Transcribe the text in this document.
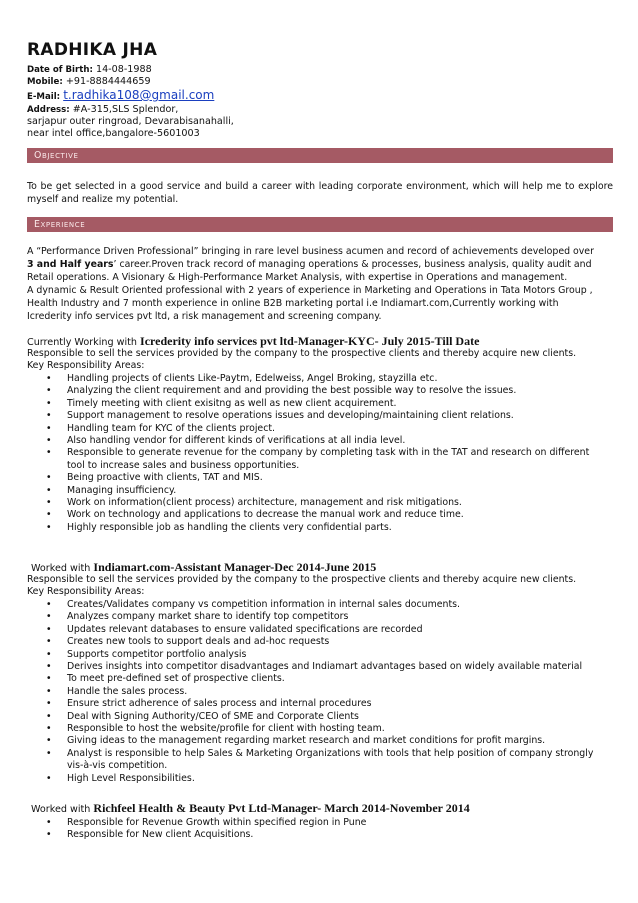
RADHIKA JHA
Date of Birth: 14-08-1988
Mobile: +91-8884444659
E-Mail: t.radhika108@gmail.com
Address: #A-315,SLS Splendor,
sarjapur outer ringroad, Devarabisanahalli,
near intel office,bangalore-5601003
Objective
To be get selected in a good service and build a career with leading corporate environment, which will help me to explore myself and realize my potential.
Experience
A “Performance Driven Professional” bringing in rare level business acumen and record of achievements developed over
3 and Half years’ career.Proven track record of managing operations & processes, business analysis, quality audit and
Retail operations. A Visionary & High-Performance Market Analysis, with expertise in Operations and management.
A dynamic & Result Oriented professional with 2 years of experience in Marketing and Operations in Tata Motors Group ,
Health Industry and 7 month experience in online B2B marketing portal i.e Indiamart.com,Currently working with
Icrederity info services pvt ltd, a risk management and screening company.
Currently Working with Icrederity info services pvt ltd-Manager-KYC- July 2015-Till Date
Responsible to sell the services provided by the company to the prospective clients and thereby acquire new clients.
Key Responsibility Areas:
• Handling projects of clients Like-Paytm, Edelweiss, Angel Broking, stayzilla etc.
• Analyzing the client requirement and and providing the best possible way to resolve the issues.
• Timely meeting with client exisitng as well as new client acquirement.
• Support management to resolve operations issues and developing/maintaining client relations.
• Handling team for KYC of the clients project.
• Also handling vendor for different kinds of verifications at all india level.
• Responsible to generate revenue for the company by completing task with in the TAT and research on different tool to increase sales and business opportunities.
• Being proactive with clients, TAT and MIS.
• Managing insufficiency.
• Work on information(client process) architecture, management and risk mitigations.
• Work on technology and applications to decrease the manual work and reduce time.
• Highly responsible job as handling the clients very confidential parts.
Worked with Indiamart.com-Assistant Manager-Dec 2014-June 2015
Responsible to sell the services provided by the company to the prospective clients and thereby acquire new clients.
Key Responsibility Areas:
• Creates/Validates company vs competition information in internal sales documents.
• Analyzes company market share to identify top competitors
• Updates relevant databases to ensure validated specifications are recorded
• Creates new tools to support deals and ad-hoc requests
• Supports competitor portfolio analysis
• Derives insights into competitor disadvantages and Indiamart advantages based on widely available material
• To meet pre-defined set of prospective clients.
• Handle the sales process.
• Ensure strict adherence of sales process and internal procedures
• Deal with Signing Authority/CEO of SME and Corporate Clients
• Responsible to host the website/profile for client with hosting team.
• Giving ideas to the management regarding market research and market conditions for profit margins.
• Analyst is responsible to help Sales & Marketing Organizations with tools that help position of company strongly vis-à-vis competition.
• High Level Responsibilities.
Worked with Richfeel Health & Beauty Pvt Ltd-Manager- March 2014-November 2014
• Responsible for Revenue Growth within specified region in Pune
• Responsible for New client Acquisitions.
